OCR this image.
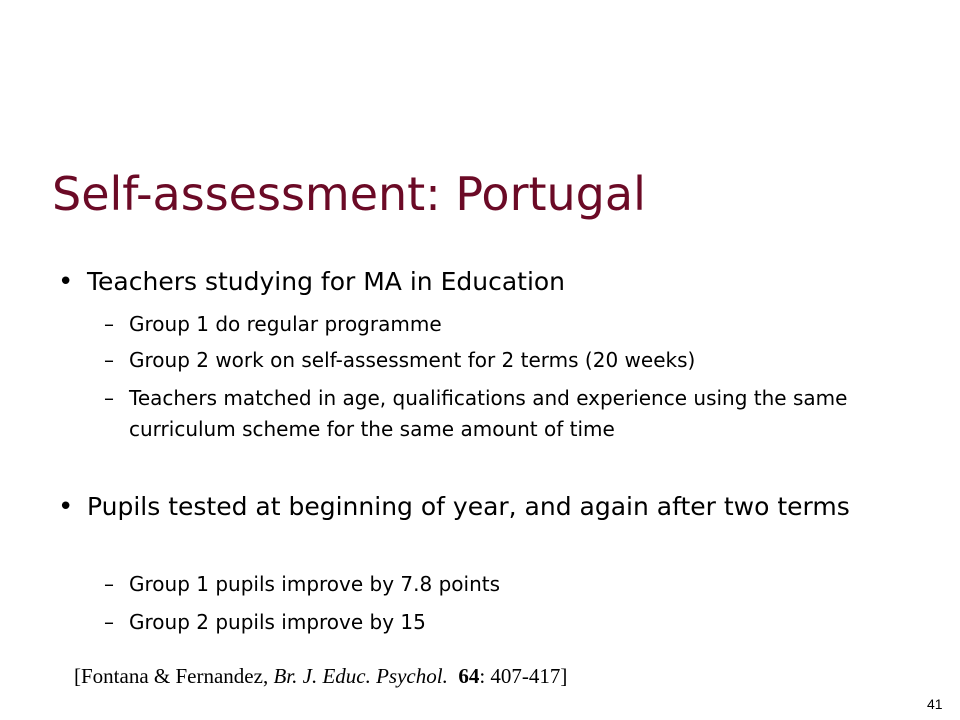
Self-assessment: Portugal
• Teachers studying for MA in Education
– Group 1 do regular programme
– Group 2 work on self-assessment for 2 terms (20 weeks)
– Teachers matched in age, qualifications and experience using the same curriculum scheme for the same amount of time
• Pupils tested at beginning of year, and again after two terms
– Group 1 pupils improve by 7.8 points
– Group 2 pupils improve by 15
[Fontana & Fernandez, Br. J. Educ. Psychol. 64: 407-417]
41
